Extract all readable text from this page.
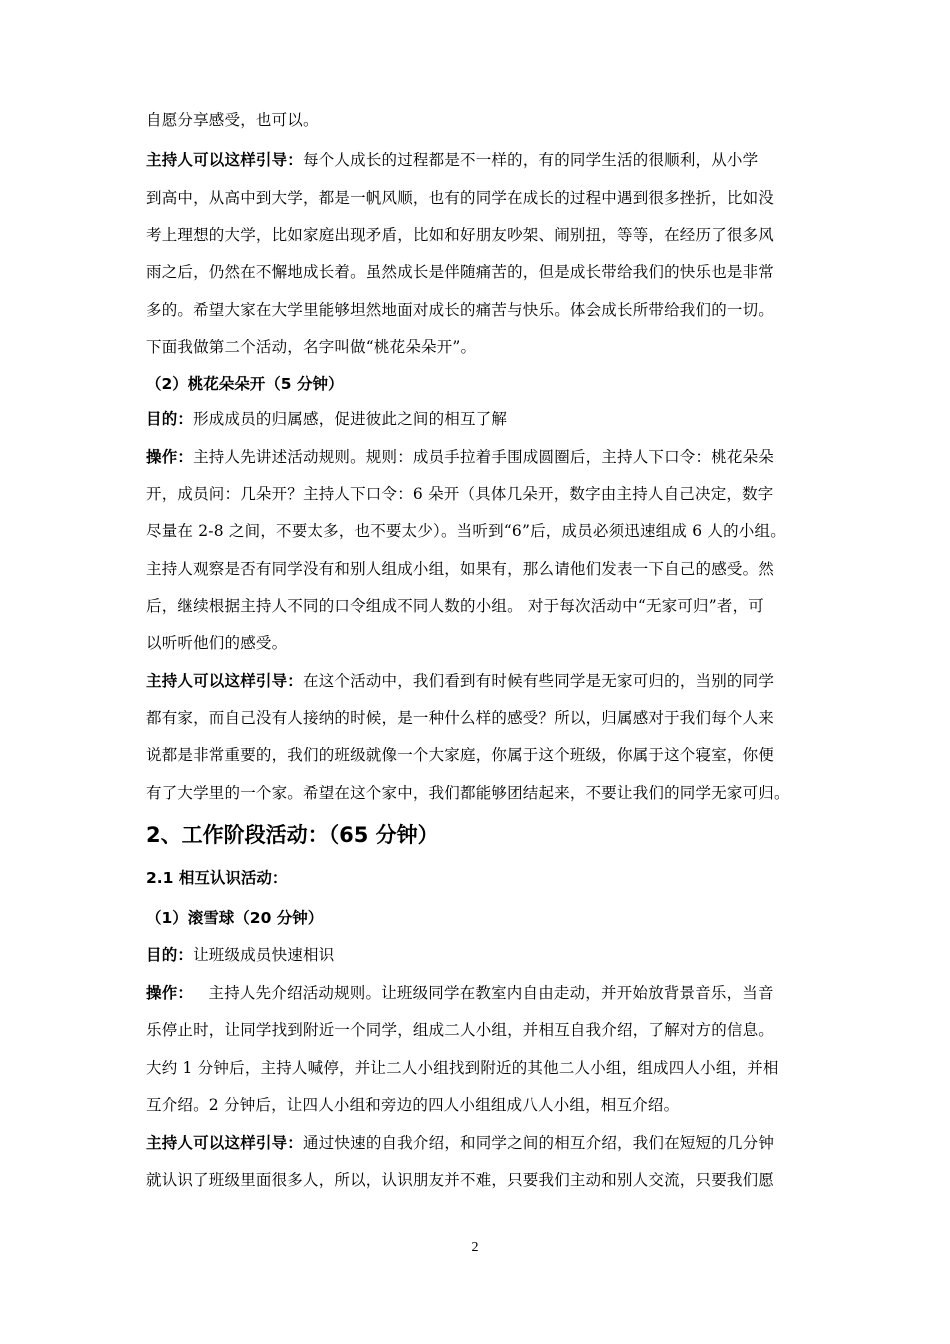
自愿分享感受，也可以。
主持人可以这样引导：每个人成长的过程都是不一样的，有的同学生活的很顺利，从小学
到高中，从高中到大学，都是一帆风顺，也有的同学在成长的过程中遇到很多挫折，比如没
考上理想的大学，比如家庭出现矛盾，比如和好朋友吵架、闹别扭，等等，在经历了很多风
雨之后，仍然在不懈地成长着。虽然成长是伴随痛苦的，但是成长带给我们的快乐也是非常
多的。希望大家在大学里能够坦然地面对成长的痛苦与快乐。体会成长所带给我们的一切。
下面我做第二个活动，名字叫做“桃花朵朵开”。
（2）桃花朵朵开（5 分钟）
目的：形成成员的归属感，促进彼此之间的相互了解
操作：主持人先讲述活动规则。规则：成员手拉着手围成圆圈后，主持人下口令：桃花朵朵
开，成员问：几朵开？主持人下口令：6 朵开（具体几朵开，数字由主持人自己决定，数字
尽量在 2-8 之间，不要太多，也不要太少）。当听到“6”后，成员必须迅速组成 6 人的小组。
主持人观察是否有同学没有和别人组成小组，如果有，那么请他们发表一下自己的感受。然
后，继续根据主持人不同的口令组成不同人数的小组。 对于每次活动中“无家可归”者，可
以听听他们的感受。
主持人可以这样引导：在这个活动中，我们看到有时候有些同学是无家可归的，当别的同学
都有家，而自己没有人接纳的时候，是一种什么样的感受？所以，归属感对于我们每个人来
说都是非常重要的，我们的班级就像一个大家庭，你属于这个班级，你属于这个寝室，你便
有了大学里的一个家。希望在这个家中，我们都能够团结起来，不要让我们的同学无家可归。
2、工作阶段活动：（65 分钟）
2.1 相互认识活动：
（1）滚雪球（20 分钟）
目的：让班级成员快速相识
操作：   主持人先介绍活动规则。让班级同学在教室内自由走动，并开始放背景音乐，当音
乐停止时，让同学找到附近一个同学，组成二人小组，并相互自我介绍，了解对方的信息。
大约 1 分钟后，主持人喊停，并让二人小组找到附近的其他二人小组，组成四人小组，并相
互介绍。2 分钟后，让四人小组和旁边的四人小组组成八人小组，相互介绍。
主持人可以这样引导：通过快速的自我介绍，和同学之间的相互介绍，我们在短短的几分钟
就认识了班级里面很多人，所以，认识朋友并不难，只要我们主动和别人交流，只要我们愿
2
